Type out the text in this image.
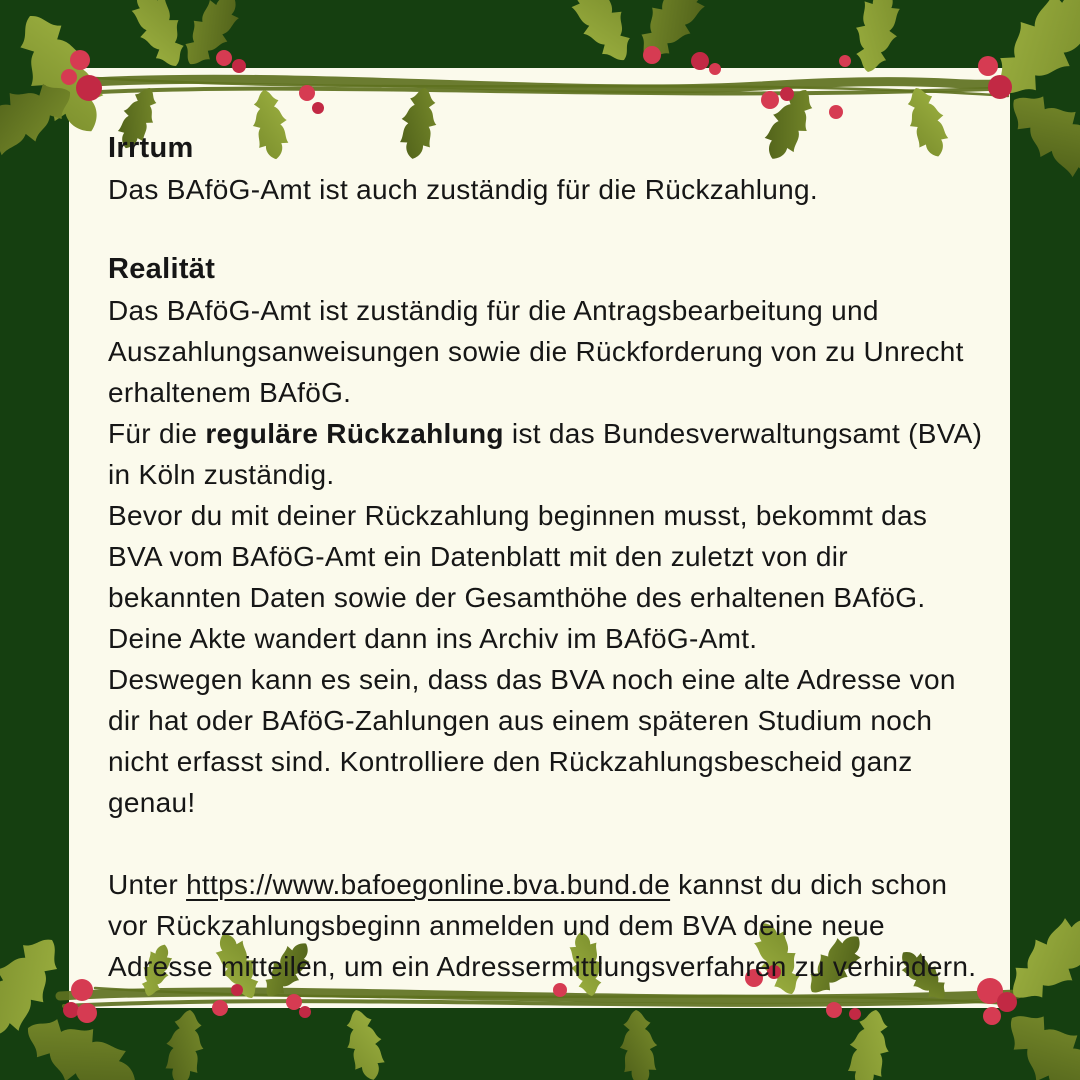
Irrtum

Das BAföG-Amt ist auch zuständig für die Rückzahlung.

Realität

Das BAföG-Amt ist zuständig für die Antragsbearbeitung und Auszahlungsanweisungen sowie die Rückforderung von zu Unrecht erhaltenem BAföG.

Für die reguläre Rückzahlung ist das Bundesverwaltungsamt (BVA) in Köln zuständig.

Bevor du mit deiner Rückzahlung beginnen musst, bekommt das BVA vom BAföG-Amt ein Datenblatt mit den zuletzt von dir bekannten Daten sowie der Gesamthöhe des erhaltenen BAföG. Deine Akte wandert dann ins Archiv im BAföG-Amt.

Deswegen kann es sein, dass das BVA noch eine alte Adresse von dir hat oder BAföG-Zahlungen aus einem späteren Studium noch nicht erfasst sind. Kontrolliere den Rückzahlungsbescheid ganz genau!

Unter https://www.bafoegonline.bva.bund.de kannst du dich schon vor Rückzahlungsbeginn anmelden und dem BVA deine neue Adresse mitteilen, um ein Adressermittlungsverfahren zu verhindern.
